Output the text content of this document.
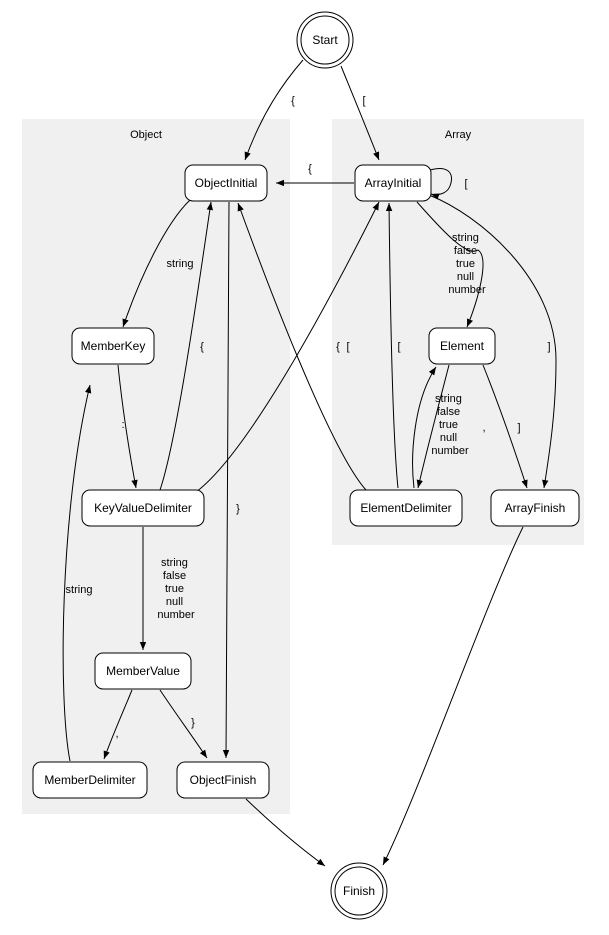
Object	Array
{	[
{
[
string
:
{	[
string false true null number
,
}
string
}
string false true null number
,	]
string false true null number
[
{	]
Start
ObjectInitial	ArrayInitial
MemberKey	Element
KeyValueDelimiter	ElementDelimiter	ArrayFinish
MemberValue
MemberDelimiter	ObjectFinish
Finish
